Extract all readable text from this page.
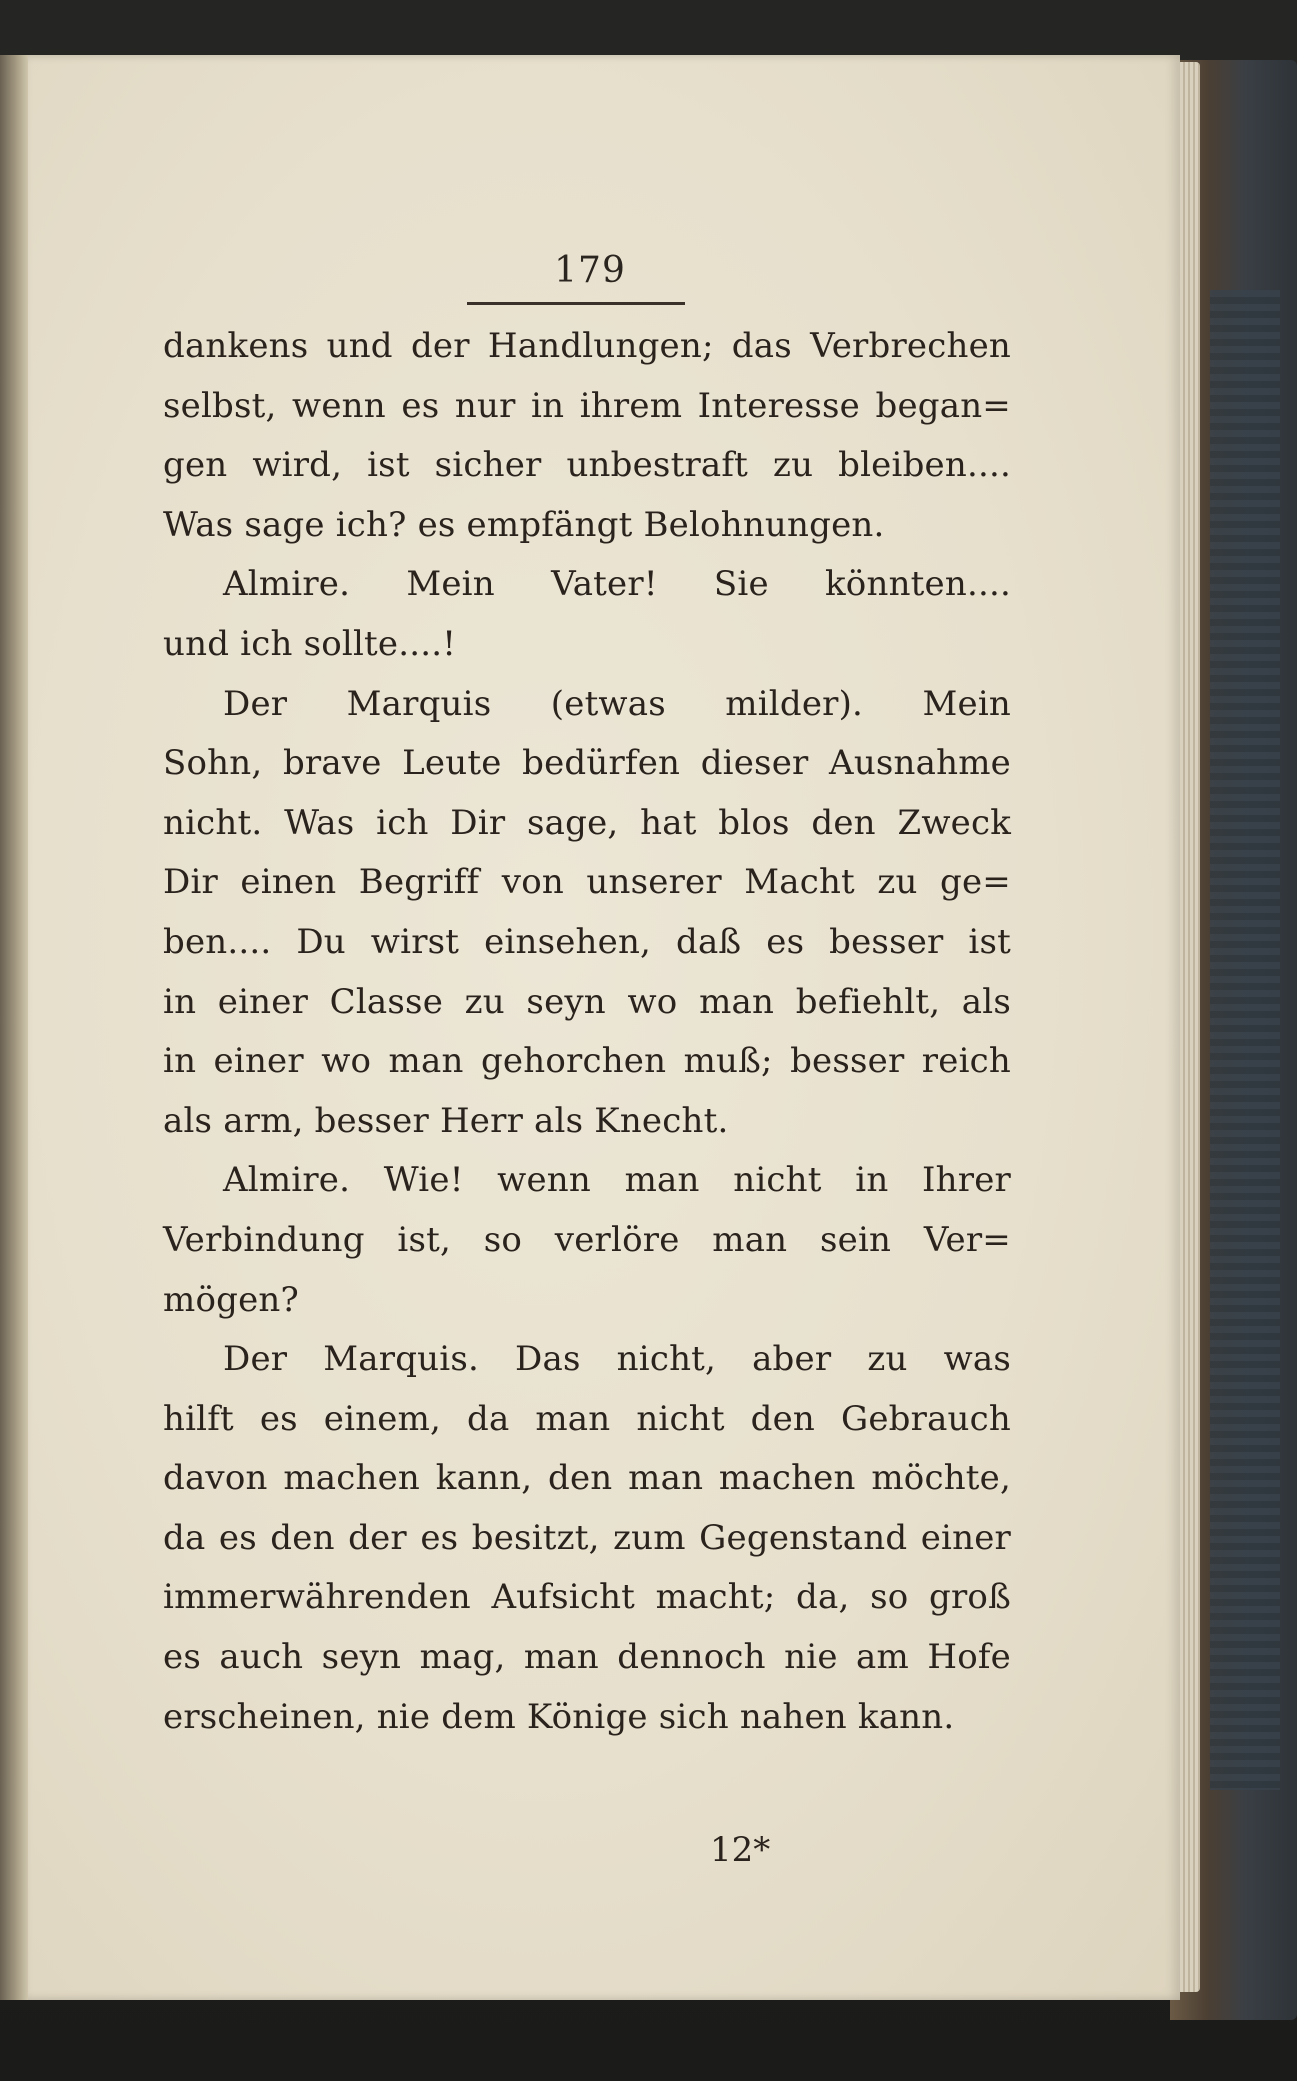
179

dankens und der Handlungen; das Verbrechen
selbst, wenn es nur in ihrem Interesse began=
gen wird, ist sicher unbestraft zu bleiben....
Was sage ich? es empfängt Belohnungen.
Almire. Mein Vater! Sie könnten....
und ich sollte....!
Der Marquis (etwas milder). Mein
Sohn, brave Leute bedürfen dieser Ausnahme
nicht. Was ich Dir sage, hat blos den Zweck
Dir einen Begriff von unserer Macht zu ge=
ben.... Du wirst einsehen, daß es besser ist
in einer Classe zu seyn wo man befiehlt, als
in einer wo man gehorchen muß; besser reich
als arm, besser Herr als Knecht.
Almire. Wie! wenn man nicht in Ihrer
Verbindung ist, so verlöre man sein Ver=
mögen?
Der Marquis. Das nicht, aber zu was
hilft es einem, da man nicht den Gebrauch
davon machen kann, den man machen möchte,
da es den der es besitzt, zum Gegenstand einer
immerwährenden Aufsicht macht; da, so groß
es auch seyn mag, man dennoch nie am Hofe
erscheinen, nie dem Könige sich nahen kann.

12*
